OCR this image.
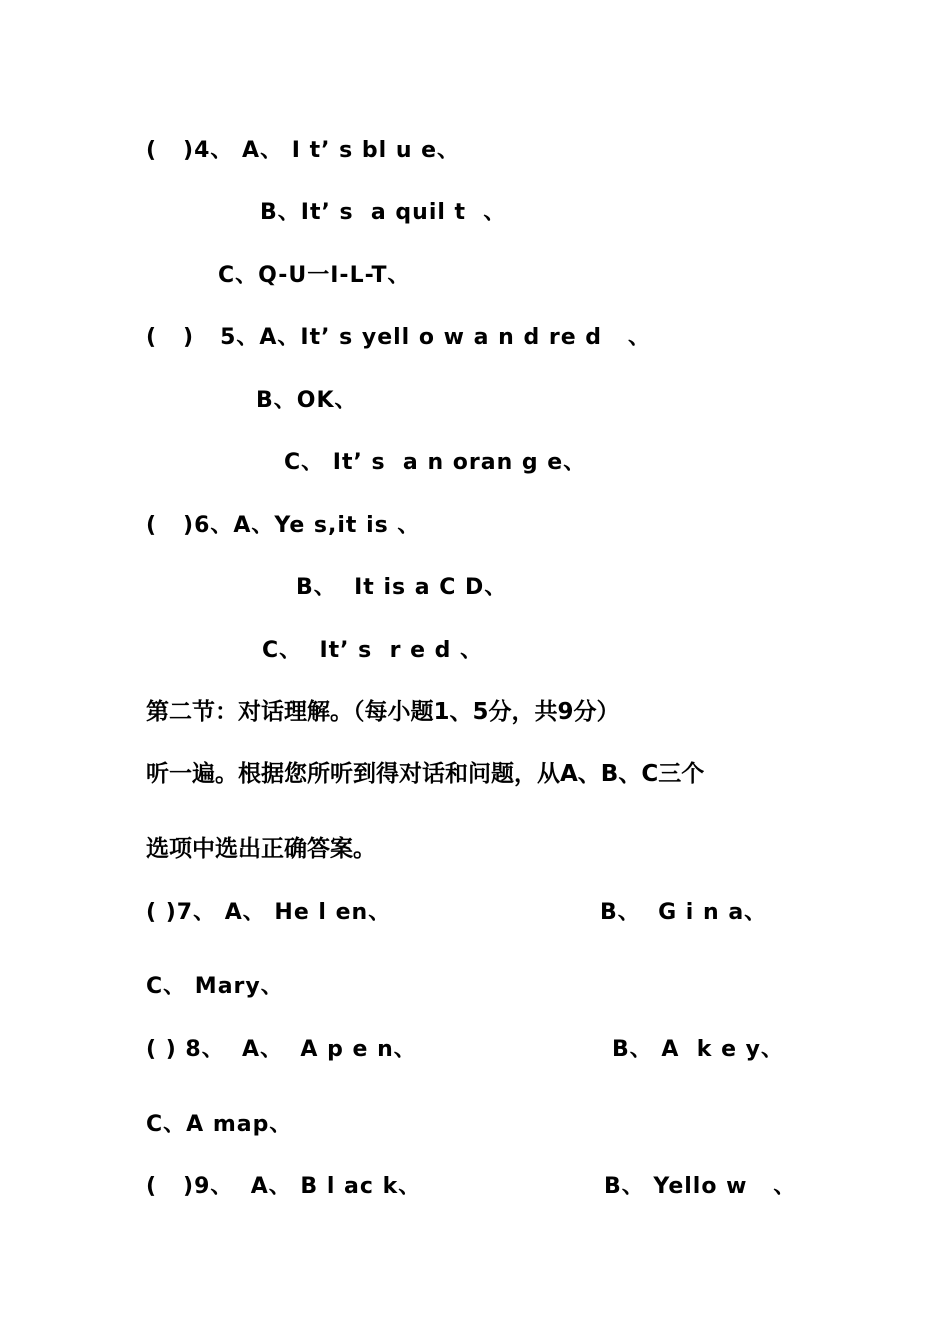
(   )4、 A、 I t’ s bl u e、
B、It’ s  a quil t  、
C、Q-U一I-L-T、
(   )   5、A、It’ s yell o w a n d re d   、
B、OK、
C、 It’ s  a n oran g e、
(   )6、A、Ye s,it is 、
B、  It is a C D、
C、  It’ s  r e d 、
第二节：对话理解。（每小题1、5分，共9分）
听一遍。根据您所听到得对话和问题，从A、B、C三个
选项中选出正确答案。
( )7、 A、 He l en、	B、  G i n a、
C、 Mary、
( ) 8、  A、  A p e n、	B、 A  k e y、
C、A map、
(   )9、  A、 B l ac k、	B、 Yello w   、
